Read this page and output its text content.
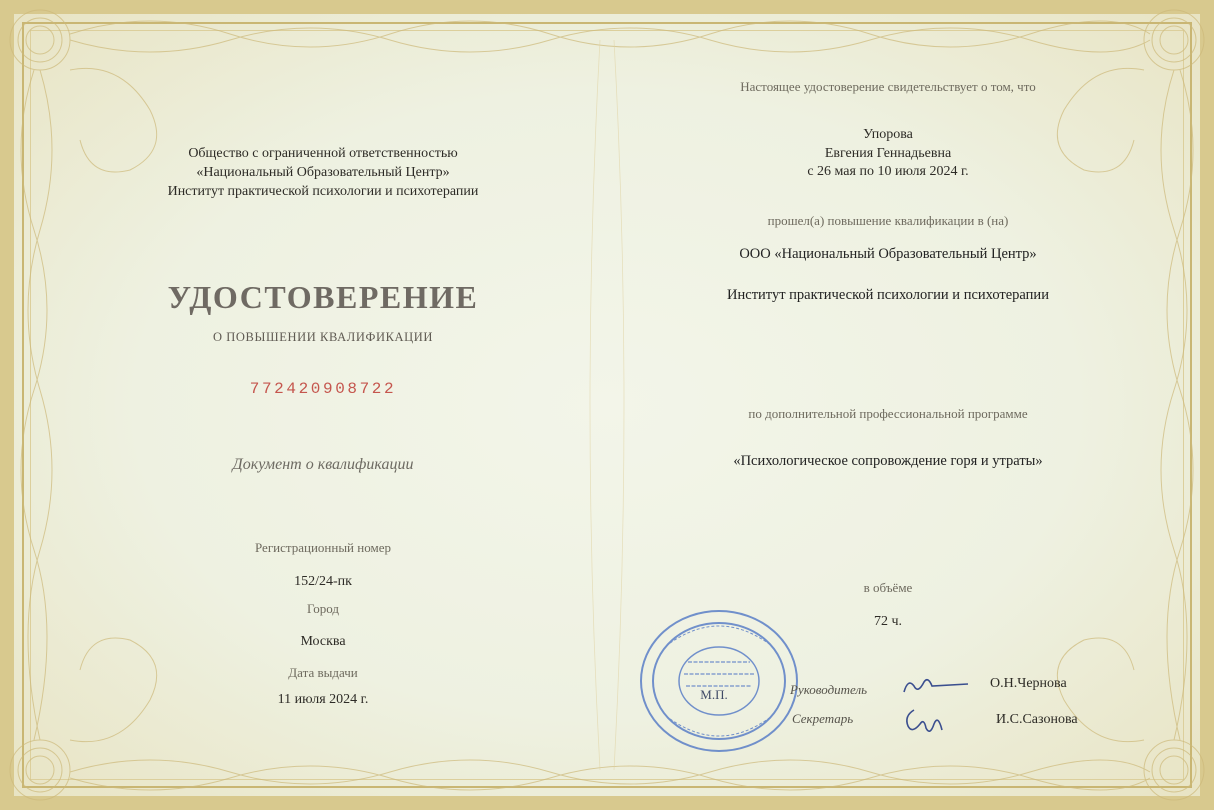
Общество с ограниченной ответственностью
«Национальный Образовательный Центр»
Институт практической психологии и психотерапии
УДОСТОВЕРЕНИЕ
О ПОВЫШЕНИИ КВАЛИФИКАЦИИ
772420908722
Документ о квалификации
Регистрационный номер
152/24-пк
Город
Москва
Дата выдачи
11 июля 2024 г.
Настоящее удостоверение свидетельствует о том, что
Упорова
Евгения Геннадьевна
с 26 мая по 10 июля 2024 г.
прошел(а) повышение квалификации в (на)
ООО «Национальный Образовательный Центр»
Институт практической психологии и психотерапии
по дополнительной профессиональной программе
«Психологическое сопровождение горя и утраты»
в объёме
72 ч.
М.П.	Руководитель	О.Н.Чернова
Секретарь	И.С.Сазонова
